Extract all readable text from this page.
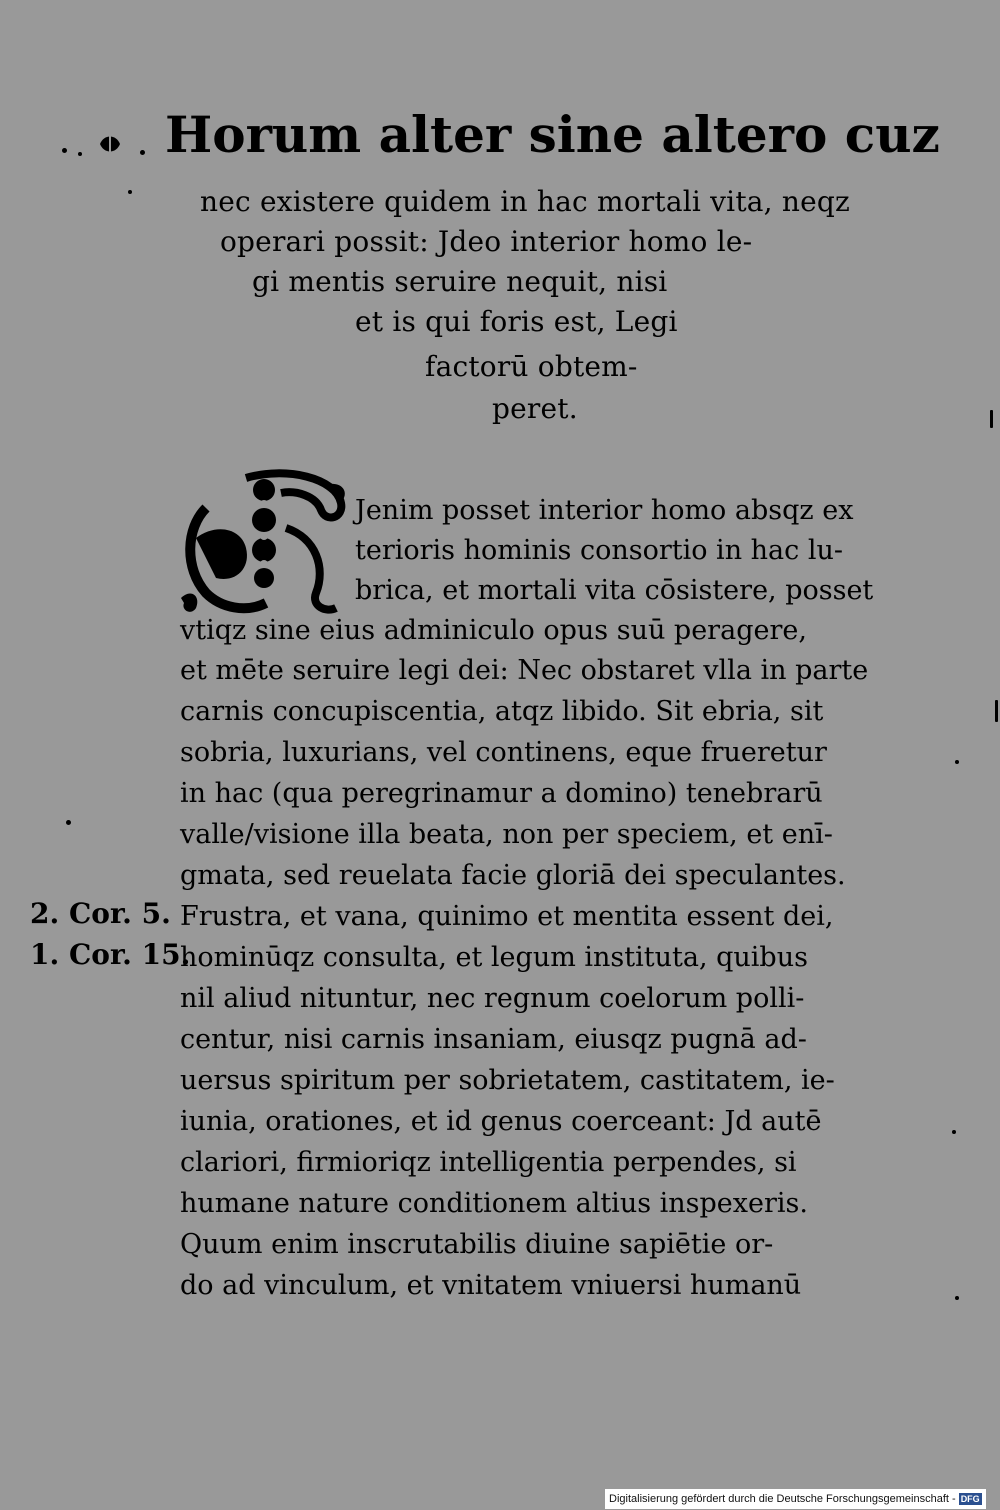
Horum alter sine altero cuz
nec existere quidem in hac mortali vita, neqz
operari possit: Jdeo interior homo le-
gi mentis seruire nequit, nisi
et is qui foris est, Legi
factorū obtem-
peret.
Jenim posset interior homo absqz ex
terioris hominis consortio in hac lu-
brica, et mortali vita cōsistere, posset
vtiqz sine eius adminiculo opus suū peragere,
et mēte seruire legi dei: Nec obstaret vlla in parte
carnis concupiscentia, atqz libido. Sit ebria, sit
sobria, luxurians, vel continens, eque frueretur
in hac (qua peregrinamur a domino) tenebrarū
valle/visione illa beata, non per speciem, et enī-
gmata, sed reuelata facie gloriā dei speculantes.
Frustra, et vana, quinimo et mentita essent dei,
hominūqz consulta, et legum instituta, quibus
nil aliud nituntur, nec regnum coelorum polli-
centur, nisi carnis insaniam, eiusqz pugnā ad-
uersus spiritum per sobrietatem, castitatem, ie-
iunia, orationes, et id genus coerceant: Jd autē
clariori, firmioriqz intelligentia perpendes, si
humane nature conditionem altius inspexeris.
Quum enim inscrutabilis diuine sapiētie or-
do ad vinculum, et vnitatem vniuersi humanū
2. Cor. 5.
1. Cor. 15.
Digitalisierung gefördert durch die Deutsche Forschungsgemeinschaft - DFG
